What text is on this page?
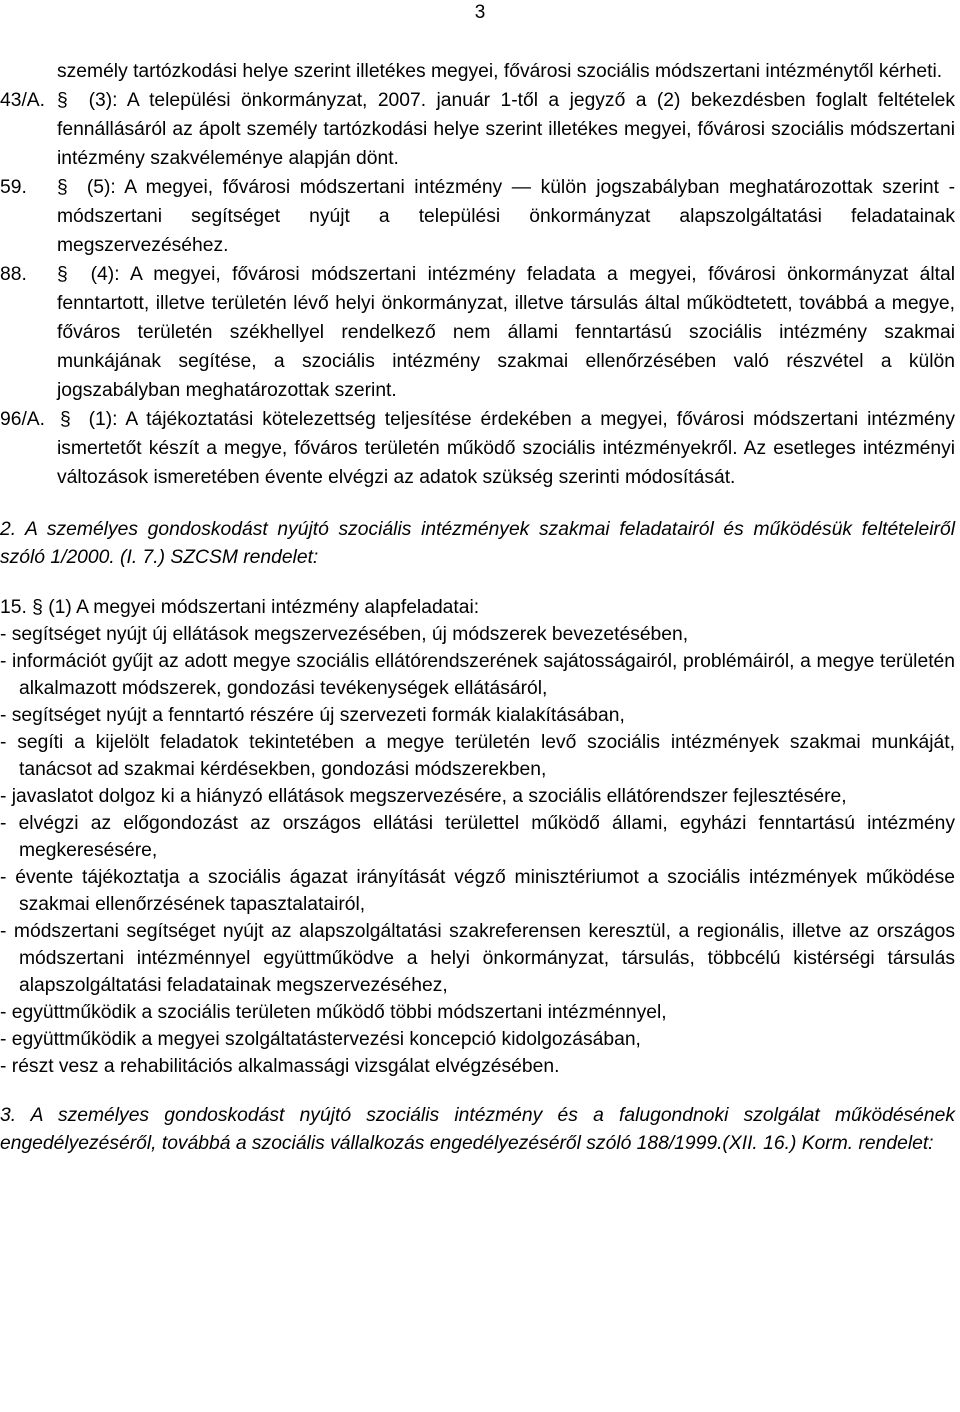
3

személy tartózkodási helye szerint illetékes megyei, fővárosi szociális módszertani intézménytől kérheti.

43/A. § (3): A települési önkormányzat, 2007. január 1-től a jegyző a (2) bekezdésben foglalt feltételek fennállásáról az ápolt személy tartózkodási helye szerint illetékes megyei, fővárosi szociális módszertani intézmény szakvéleménye alapján dönt.

59. § (5): A megyei, fővárosi módszertani intézmény — külön jogszabályban meghatározottak szerint - módszertani segítséget nyújt a települési önkormányzat alapszolgáltatási feladatainak megszervezéséhez.

88. § (4): A megyei, fővárosi módszertani intézmény feladata a megyei, fővárosi önkormányzat által fenntartott, illetve területén lévő helyi önkormányzat, illetve társulás által működtetett, továbbá a megye, főváros területén székhellyel rendelkező nem állami fenntartású szociális intézmény szakmai munkájának segítése, a szociális intézmény szakmai ellenőrzésében való részvétel a külön jogszabályban meghatározottak szerint.

96/A. § (1): A tájékoztatási kötelezettség teljesítése érdekében a megyei, fővárosi módszertani intézmény ismertetőt készít a megye, főváros területén működő szociális intézményekről. Az esetleges intézményi változások ismeretében évente elvégzi az adatok szükség szerinti módosítását.

2. A személyes gondoskodást nyújtó szociális intézmények szakmai feladatairól és működésük feltételeiről szóló 1/2000. (I. 7.) SZCSM rendelet:

15. § (1) A megyei módszertani intézmény alapfeladatai:

- segítséget nyújt új ellátások megszervezésében, új módszerek bevezetésében,

- információt gyűjt az adott megye szociális ellátórendszerének sajátosságairól, problémáiról, a megye területén alkalmazott módszerek, gondozási tevékenységek ellátásáról,

- segítséget nyújt a fenntartó részére új szervezeti formák kialakításában,

- segíti a kijelölt feladatok tekintetében a megye területén levő szociális intézmények szakmai munkáját, tanácsot ad szakmai kérdésekben, gondozási módszerekben,

- javaslatot dolgoz ki a hiányzó ellátások megszervezésére, a szociális ellátórendszer fejlesztésére,

- elvégzi az előgondozást az országos ellátási területtel működő állami, egyházi fenntartású intézmény megkeresésére,

- évente tájékoztatja a szociális ágazat irányítását végző minisztériumot a szociális intézmények működése szakmai ellenőrzésének tapasztalatairól,

- módszertani segítséget nyújt az alapszolgáltatási szakreferensen keresztül, a regionális, illetve az országos módszertani intézménnyel együttműködve a helyi önkormányzat, társulás, többcélú kistérségi társulás alapszolgáltatási feladatainak megszervezéséhez,

- együttműködik a szociális területen működő többi módszertani intézménnyel,

- együttműködik a megyei szolgáltatástervezési koncepció kidolgozásában,

- részt vesz a rehabilitációs alkalmassági vizsgálat elvégzésében.

3. A személyes gondoskodást nyújtó szociális intézmény és a falugondnoki szolgálat működésének engedélyezéséről, továbbá a szociális vállalkozás engedélyezéséről szóló 188/1999.(XII. 16.) Korm. rendelet:
